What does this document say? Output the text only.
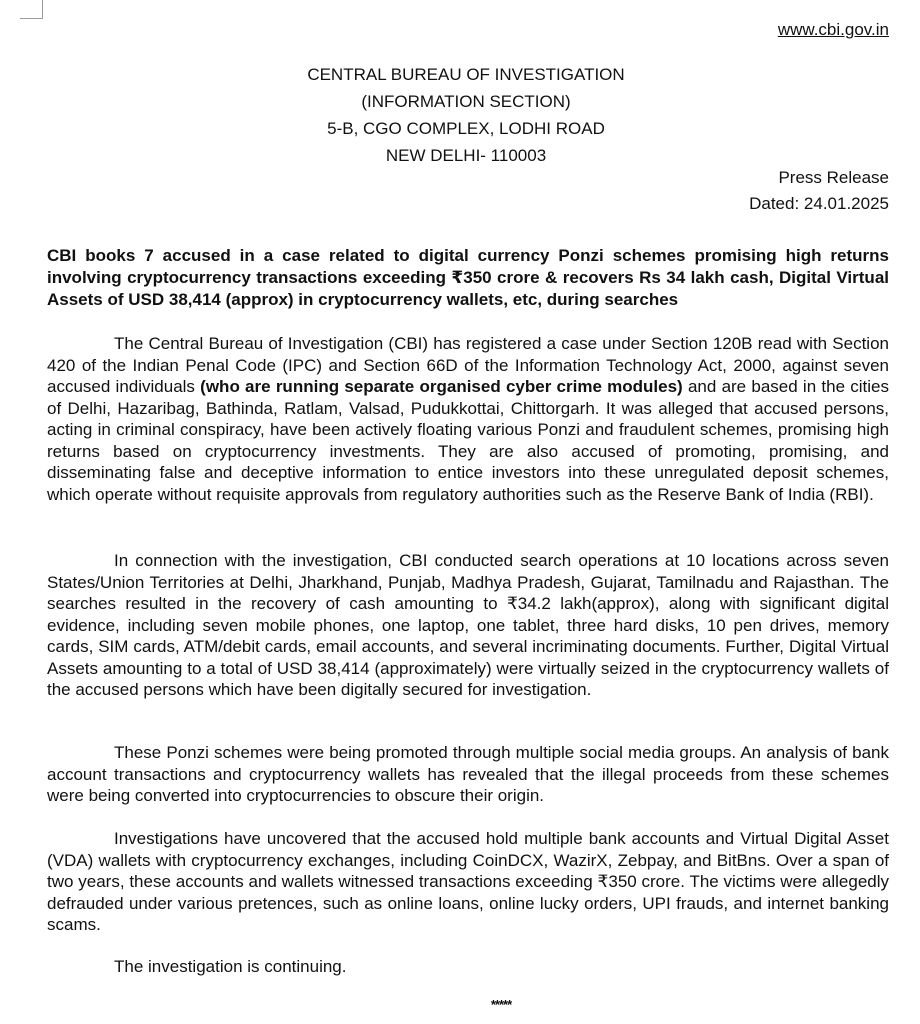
www.cbi.gov.in
CENTRAL BUREAU OF INVESTIGATION
(INFORMATION SECTION)
5-B, CGO COMPLEX, LODHI ROAD
NEW DELHI- 110003
Press Release
Dated: 24.01.2025
CBI books 7 accused in a case related to digital currency Ponzi schemes promising high returns involving cryptocurrency transactions exceeding ₹350 crore & recovers Rs 34 lakh cash, Digital Virtual Assets of USD 38,414 (approx) in cryptocurrency wallets, etc, during searches

The Central Bureau of Investigation (CBI) has registered a case under Section 120B read with Section 420 of the Indian Penal Code (IPC) and Section 66D of the Information Technology Act, 2000, against seven accused individuals (who are running separate organised cyber crime modules) and are based in the cities of Delhi, Hazaribag, Bathinda, Ratlam, Valsad, Pudukkottai, Chittorgarh. It was alleged that accused persons, acting in criminal conspiracy, have been actively floating various Ponzi and fraudulent schemes, promising high returns based on cryptocurrency investments. They are also accused of promoting, promising, and disseminating false and deceptive information to entice investors into these unregulated deposit schemes, which operate without requisite approvals from regulatory authorities such as the Reserve Bank of India (RBI).

In connection with the investigation, CBI conducted search operations at 10 locations across seven States/Union Territories at Delhi, Jharkhand, Punjab, Madhya Pradesh, Gujarat, Tamilnadu and Rajasthan. The searches resulted in the recovery of cash amounting to ₹34.2 lakh(approx), along with significant digital evidence, including seven mobile phones, one laptop, one tablet, three hard disks, 10 pen drives, memory cards, SIM cards, ATM/debit cards, email accounts, and several incriminating documents. Further, Digital Virtual Assets amounting to a total of USD 38,414 (approximately) were virtually seized in the cryptocurrency wallets of the accused persons which have been digitally secured for investigation.

These Ponzi schemes were being promoted through multiple social media groups. An analysis of bank account transactions and cryptocurrency wallets has revealed that the illegal proceeds from these schemes were being converted into cryptocurrencies to obscure their origin.

Investigations have uncovered that the accused hold multiple bank accounts and Virtual Digital Asset (VDA) wallets with cryptocurrency exchanges, including CoinDCX, WazirX, Zebpay, and BitBns. Over a span of two years, these accounts and wallets witnessed transactions exceeding ₹350 crore. The victims were allegedly defrauded under various pretences, such as online loans, online lucky orders, UPI frauds, and internet banking scams.

The investigation is continuing.

*****
